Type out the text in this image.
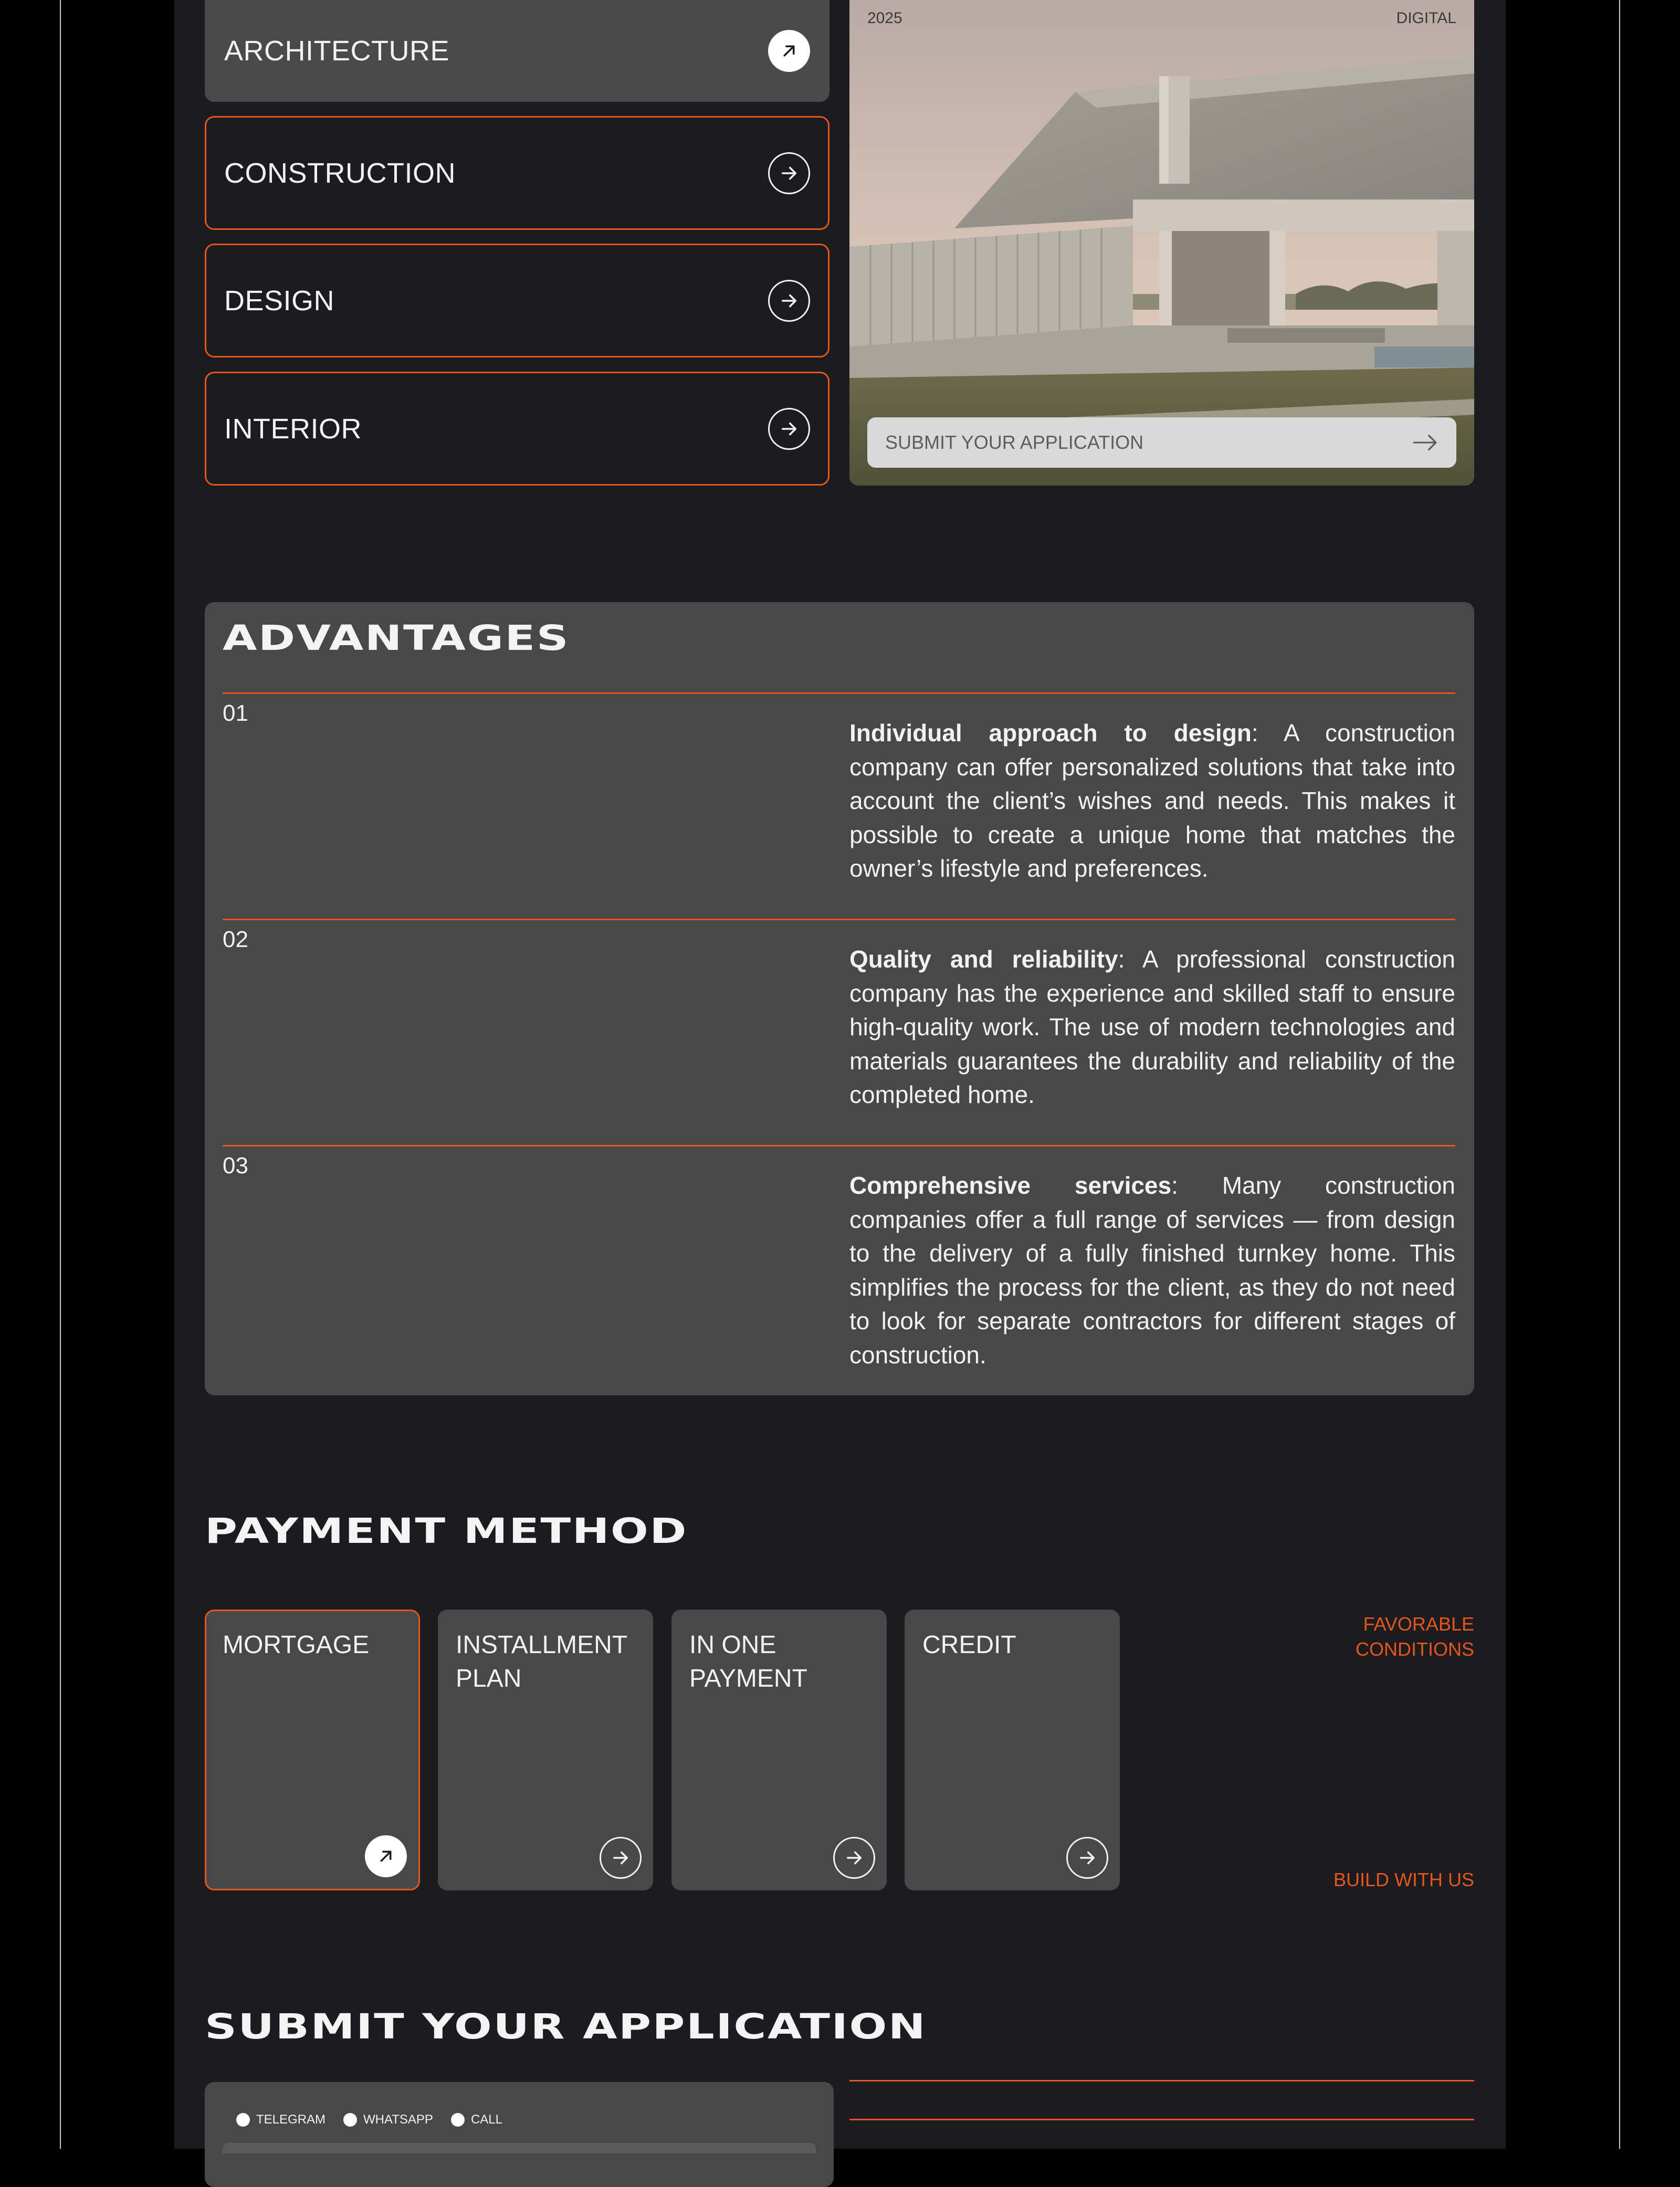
ARCHITECTURE
CONSTRUCTION
DESIGN
INTERIOR
2025	DIGITAL
SUBMIT YOUR APPLICATION
ADVANTAGES
01

Individual approach to design: A construction company can offer personalized solutions that take into account the client’s wishes and needs. This makes it possible to create a unique home that matches the owner’s lifestyle and preferences.

02

Quality and reliability: A professional construction company has the experience and skilled staff to ensure high-quality work. The use of modern technologies and materials guarantees the durability and reliability of the completed home.

03

Comprehensive services: Many construction companies offer a full range of services — from design to the delivery of a fully finished turnkey home. This simplifies the process for the client, as they do not need to look for separate contractors for different stages of construction.

PAYMENT METHOD
MORTGAGE	INSTALLMENT
PLAN
IN ONE
PAYMENT
CREDIT
FAVORABLE
CONDITIONS
BUILD WITH US
SUBMIT YOUR APPLICATION
TELEGRAM	WHATSAPP	CALL
